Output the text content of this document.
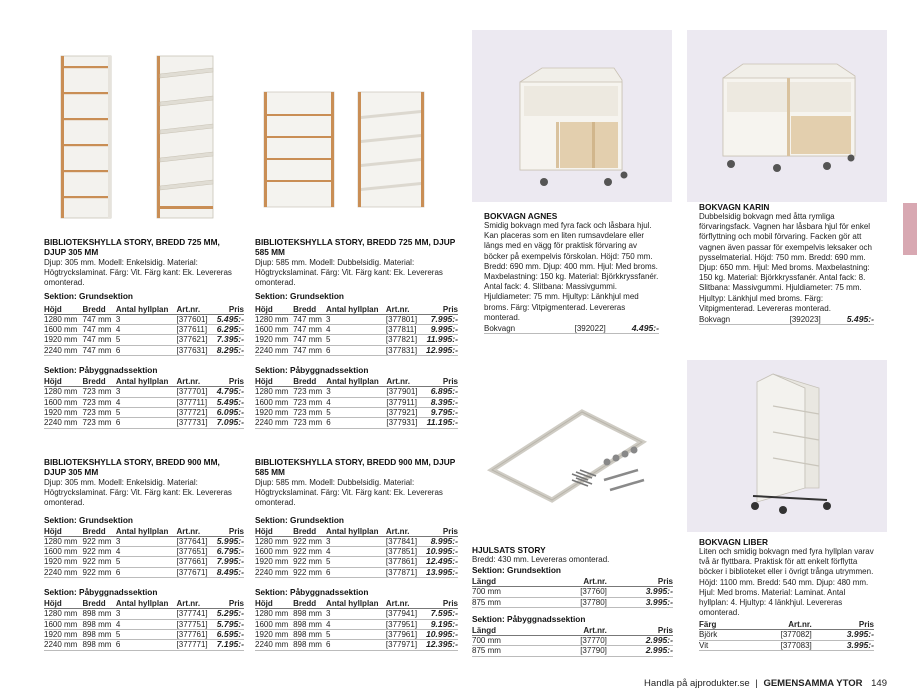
BIBLIOTEKSHYLLA STORY, BREDD 725 MM, DJUP 305 MM
Djup: 305 mm. Modell: Enkelsidig. Material: Högtryckslaminat. Färg: Vit. Färg kant: Ek. Levereras omonterad.
Sektion: Grundsektion
Höjd	Bredd	Antal hyllplan	Art.nr.	Pris
1280 mm	747 mm	3	[377601]	5.495:-
1600 mm	747 mm	4	[377611]	6.295:-
1920 mm	747 mm	5	[377621]	7.395:-
2240 mm	747 mm	6	[377631]	8.295:-
Sektion: Påbyggnadssektion
Höjd	Bredd	Antal hyllplan	Art.nr.	Pris
1280 mm	723 mm	3	[377701]	4.795:-
1600 mm	723 mm	4	[377711]	5.495:-
1920 mm	723 mm	5	[377721]	6.095:-
2240 mm	723 mm	6	[377731]	7.095:-
BIBLIOTEKSHYLLA STORY, BREDD 725 MM, DJUP 585 MM
Djup: 585 mm. Modell: Dubbelsidig. Material: Högtryckslaminat. Färg: Vit. Färg kant: Ek. Levereras omonterad.
Sektion: Grundsektion
Höjd	Bredd	Antal hyllplan	Art.nr.	Pris
1280 mm	747 mm	3	[377801]	7.995:-
1600 mm	747 mm	4	[377811]	9.995:-
1920 mm	747 mm	5	[377821]	11.995:-
2240 mm	747 mm	6	[377831]	12.995:-
Sektion: Påbyggnadssektion
Höjd	Bredd	Antal hyllplan	Art.nr.	Pris
1280 mm	723 mm	3	[377901]	6.895:-
1600 mm	723 mm	4	[377911]	8.395:-
1920 mm	723 mm	5	[377921]	9.795:-
2240 mm	723 mm	6	[377931]	11.195:-
BIBLIOTEKSHYLLA STORY, BREDD 900 MM, DJUP 305 MM
Djup: 305 mm. Modell: Enkelsidig. Material: Högtryckslaminat. Färg: Vit. Färg kant: Ek. Levereras omonterad.
Sektion: Grundsektion
Höjd	Bredd	Antal hyllplan	Art.nr.	Pris
1280 mm	922 mm	3	[377641]	5.995:-
1600 mm	922 mm	4	[377651]	6.795:-
1920 mm	922 mm	5	[377661]	7.995:-
2240 mm	922 mm	6	[377671]	8.495:-
Sektion: Påbyggnadssektion
Höjd	Bredd	Antal hyllplan	Art.nr.	Pris
1280 mm	898 mm	3	[377741]	5.295:-
1600 mm	898 mm	4	[377751]	5.795:-
1920 mm	898 mm	5	[377761]	6.595:-
2240 mm	898 mm	6	[377771]	7.195:-
BIBLIOTEKSHYLLA STORY, BREDD 900 MM, DJUP 585 MM
Djup: 585 mm. Modell: Dubbelsidig. Material: Högtryckslaminat. Färg: Vit. Färg kant: Ek. Levereras omonterad.
Sektion: Grundsektion
Höjd	Bredd	Antal hyllplan	Art.nr.	Pris
1280 mm	922 mm	3	[377841]	8.995:-
1600 mm	922 mm	4	[377851]	10.995:-
1920 mm	922 mm	5	[377861]	12.495:-
2240 mm	922 mm	6	[377871]	13.995:-
Sektion: Påbyggnadssektion
Höjd	Bredd	Antal hyllplan	Art.nr.	Pris
1280 mm	898 mm	3	[377941]	7.595:-
1600 mm	898 mm	4	[377951]	9.195:-
1920 mm	898 mm	5	[377961]	10.995:-
2240 mm	898 mm	6	[377971]	12.395:-
BOKVAGN AGNES
Smidig bokvagn med fyra fack och låsbara hjul. Kan placeras som en liten rumsavdelare eller längs med en vägg för praktisk förvaring av böcker på exempelvis förskolan. Höjd: 750 mm. Bredd: 690 mm. Djup: 400 mm. Hjul: Med broms. Maxbelastning: 150 kg. Material: Björkkryssfanér. Antal fack: 4. Slitbana: Massivgummi. Hjuldiameter: 75 mm. Hjultyp: Länkhjul med broms. Färg: Vitpigmenterad. Levereras monterad.
Bokvagn	[392022]	4.495:-
BOKVAGN KARIN
Dubbelsidig bokvagn med åtta rymliga förvaringsfack. Vagnen har låsbara hjul för enkel förflyttning och mobil förvaring. Facken gör att vagnen även passar för exempelvis leksaker och pysselmaterial. Höjd: 750 mm. Bredd: 690 mm. Djup: 650 mm. Hjul: Med broms. Maxbelastning: 150 kg. Material: Björkkryssfanér. Antal fack: 8. Slitbana: Massivgummi. Hjuldiameter: 75 mm. Hjultyp: Länkhjul med broms. Färg: Vitpigmenterad. Levereras monterad.
Bokvagn	[392023]	5.495:-
HJULSATS STORY
Bredd: 430 mm. Levereras omonterad.
Sektion: Grundsektion
Längd	Art.nr.	Pris
700 mm	[37760]	3.995:-
875 mm	[37780]	3.995:-
Sektion: Påbyggnadssektion
Längd	Art.nr.	Pris
700 mm	[37770]	2.995:-
875 mm	[37790]	2.995:-
BOKVAGN LIBER
Liten och smidig bokvagn med fyra hyllplan varav två är flyttbara. Praktisk för att enkelt förflytta böcker i biblioteket eller i övrigt trånga utrymmen. Höjd: 1100 mm. Bredd: 540 mm. Djup: 480 mm. Hjul: Med broms. Material: Laminat. Antal hyllplan: 4. Hjultyp: 4 länkhjul. Levereras omonterad.
Färg	Art.nr.	Pris
Björk	[377082]	3.995:-
Vit	[377083]	3.995:-
Handla på ajprodukter.se | GEMENSAMMA YTOR 149
